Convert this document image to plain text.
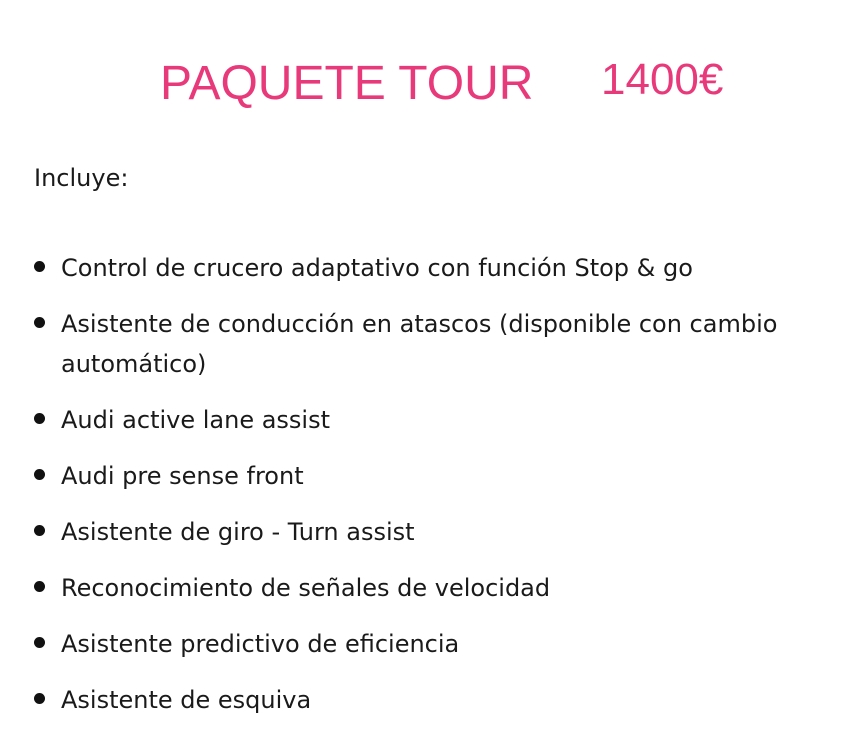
PAQUETE TOUR 1400€
Incluye:
Control de crucero adaptativo con función Stop & go
Asistente de conducción en atascos (disponible con cambio automático)
Audi active lane assist
Audi pre sense front
Asistente de giro - Turn assist
Reconocimiento de señales de velocidad
Asistente predictivo de eficiencia
Asistente de esquiva
